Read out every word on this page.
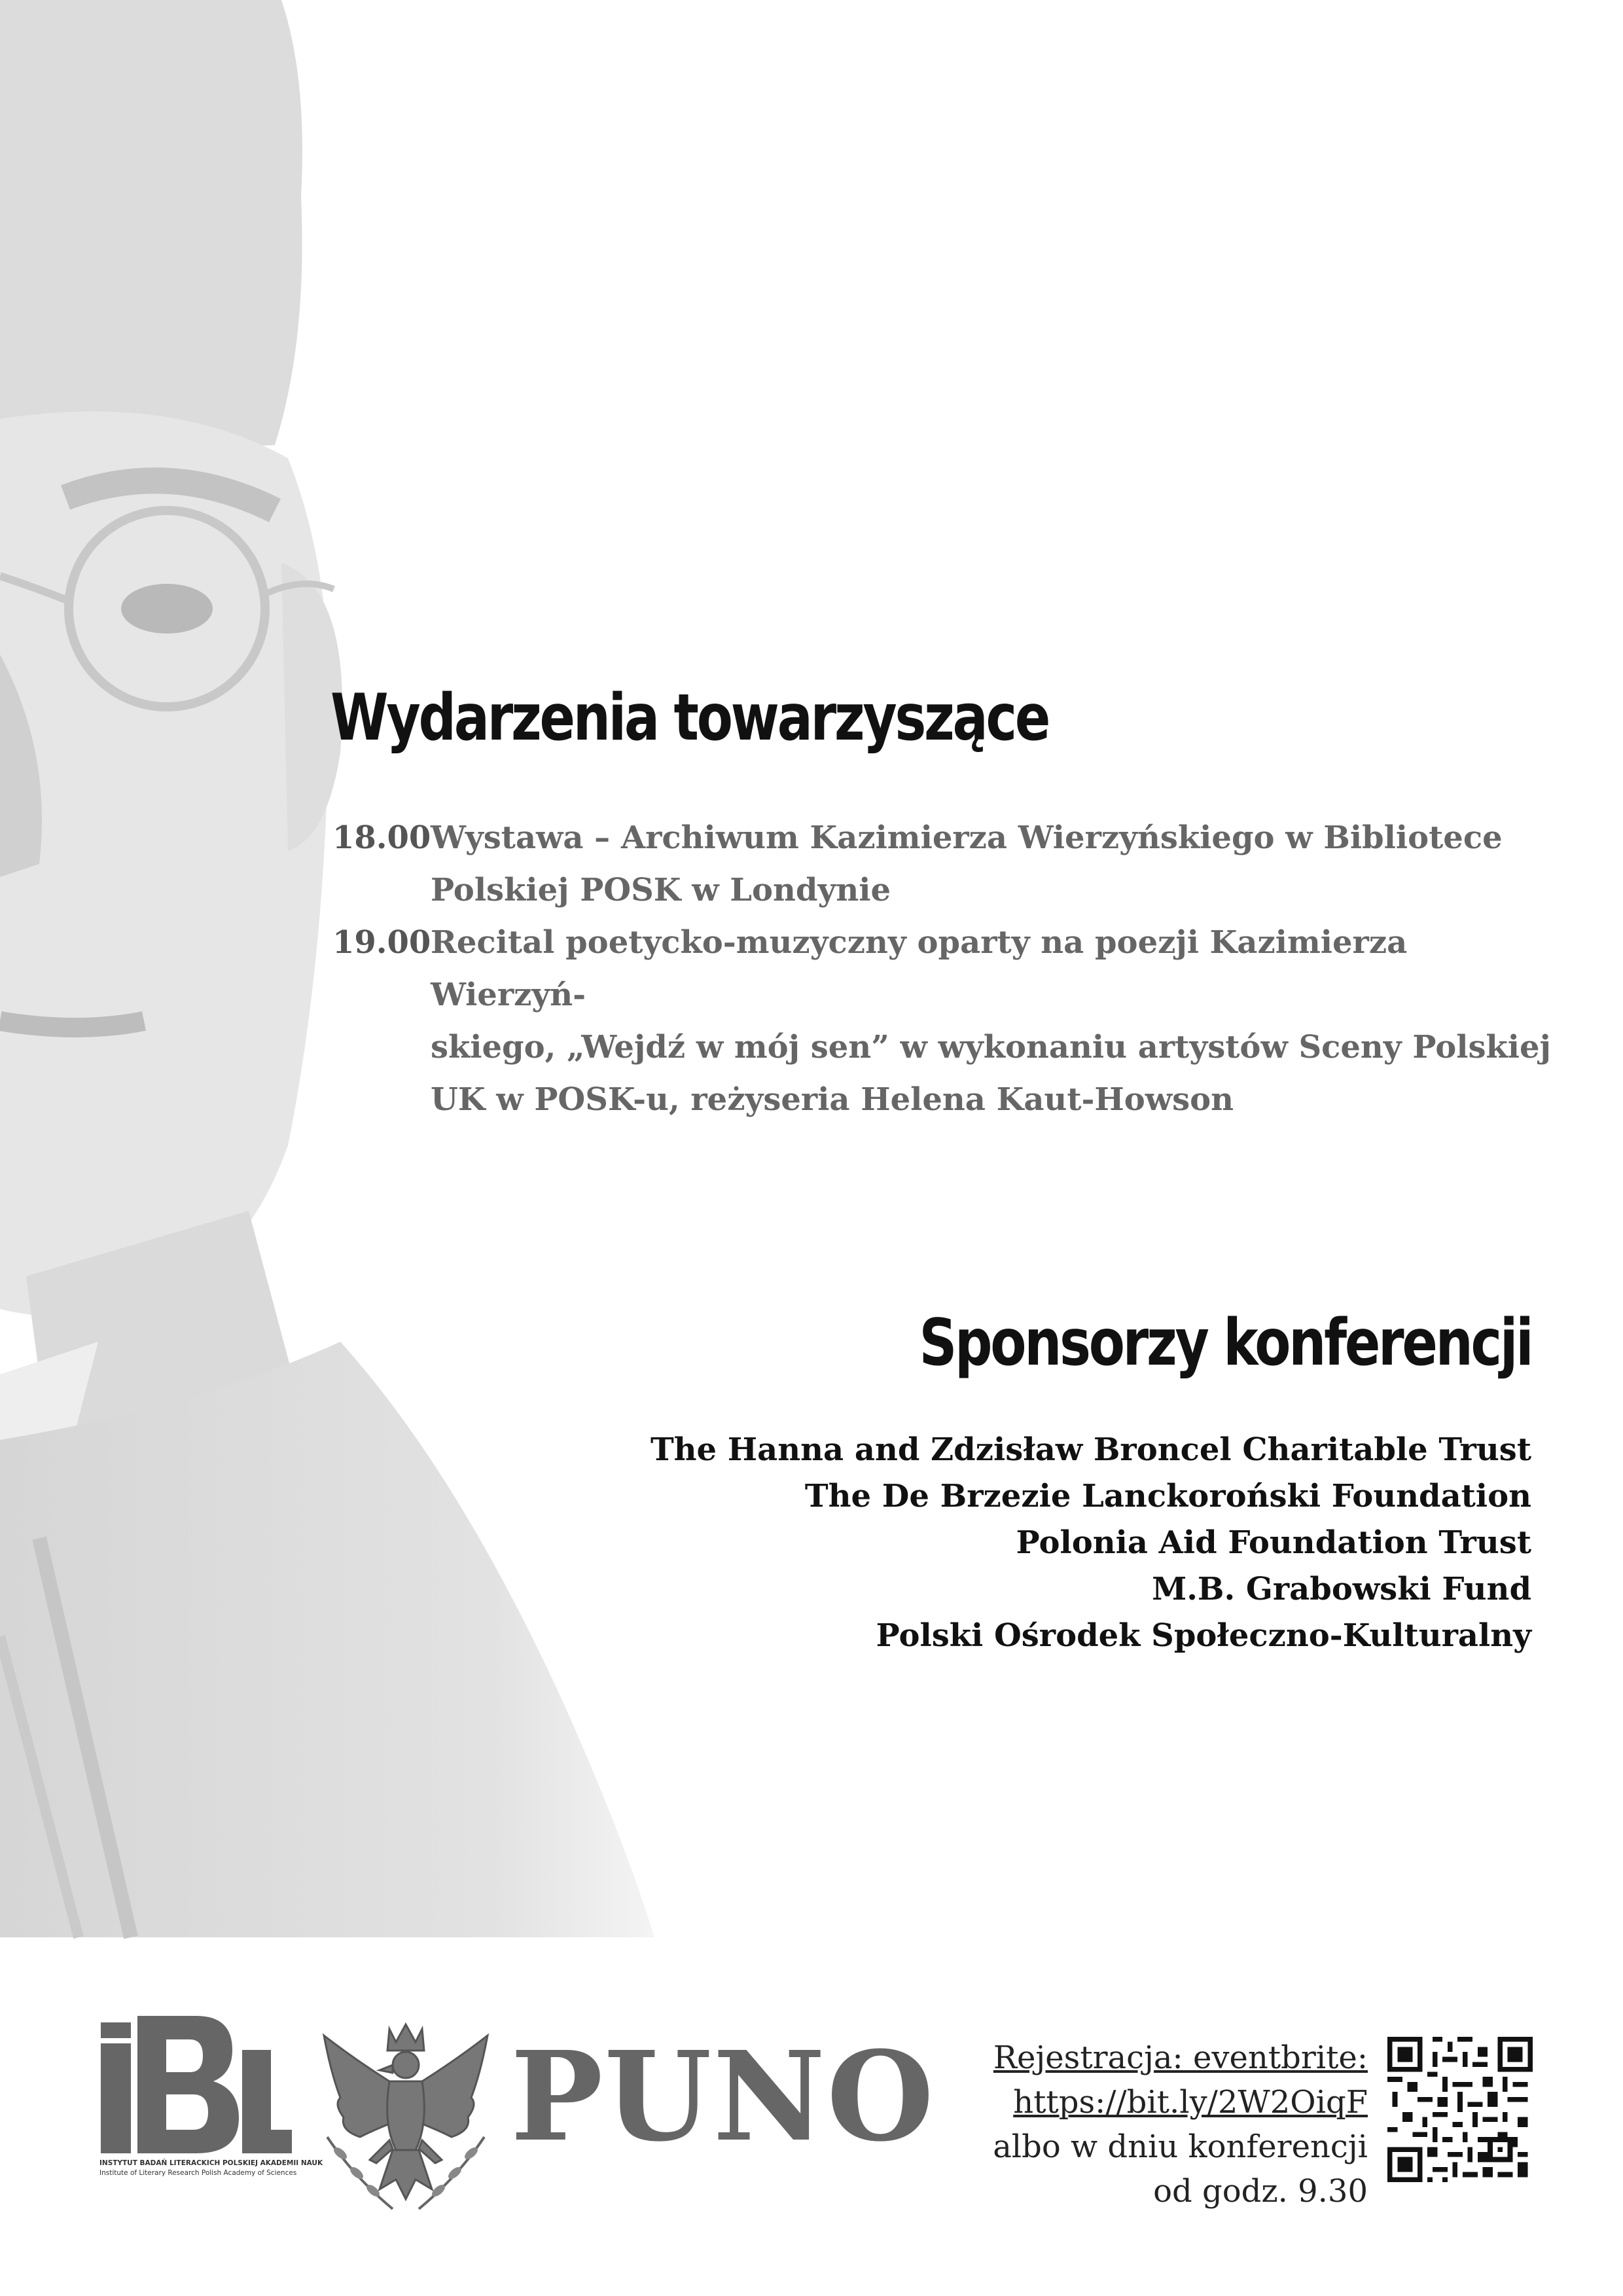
Wydarzenia towarzyszące
18.00 Wystawa – Archiwum Kazimierza Wierzyńskiego w Bibliotece
Polskiej POSK w Londynie
19.00 Recital poetycko-muzyczny oparty na poezji Kazimierza Wierzyń-
skiego, „Wejdź w mój sen” w wykonaniu artystów Sceny Polskiej
UK w POSK-u, reżyseria Helena Kaut-Howson
Sponsorzy konferencji
The Hanna and Zdzisław Broncel Charitable Trust
The De Brzezie Lanckoroński Foundation
Polonia Aid Foundation Trust
M.B. Grabowski Fund
Polski Ośrodek Społeczno-Kulturalny
INSTYTUT BADAŃ LITERACKICH POLSKIEJ AKADEMII NAUK
Institute of Literary Research Polish Academy of Sciences
PUNO Rejestracja: eventbrite:
https://bit.ly/2W2OiqF
albo w dniu konferencji
od godz. 9.30
